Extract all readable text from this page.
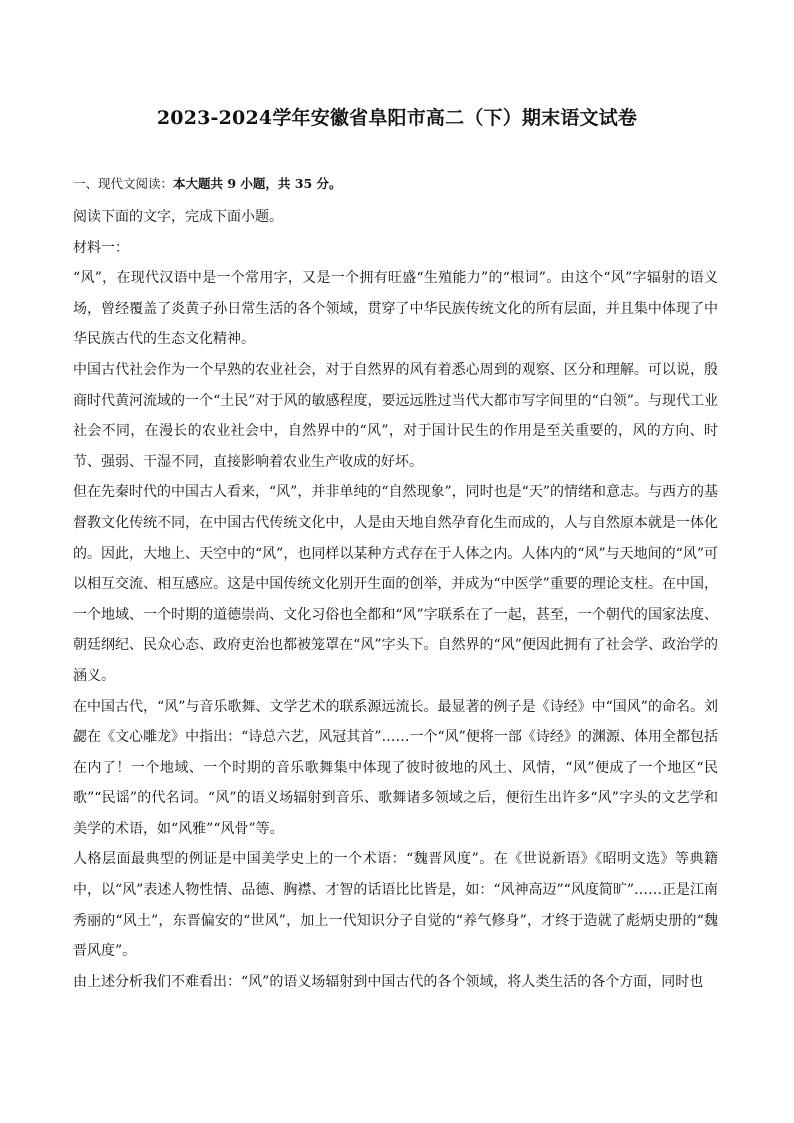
2023-2024学年安徽省阜阳市高二（下）期末语文试卷
一、现代文阅读：本大题共 9 小题，共 35 分。

阅读下面的文字，完成下面小题。

材料一：

“风”，在现代汉语中是一个常用字，又是一个拥有旺盛“生殖能力”的“根词”。由这个“风”字辐射的语义场，曾经覆盖了炎黄子孙日常生活的各个领域，贯穿了中华民族传统文化的所有层面，并且集中体现了中华民族古代的生态文化精神。

中国古代社会作为一个早熟的农业社会，对于自然界的风有着悉心周到的观察、区分和理解。可以说，殷商时代黄河流域的一个“土民”对于风的敏感程度，要远远胜过当代大都市写字间里的“白领”。与现代工业社会不同，在漫长的农业社会中，自然界中的“风”，对于国计民生的作用是至关重要的，风的方向、时节、强弱、干湿不同，直接影响着农业生产收成的好坏。

但在先秦时代的中国古人看来，“风”，并非单纯的“自然现象”，同时也是“天”的情绪和意志。与西方的基督教文化传统不同，在中国古代传统文化中，人是由天地自然孕育化生而成的，人与自然原本就是一体化的。因此，大地上、天空中的“风”，也同样以某种方式存在于人体之内。人体内的“风”与天地间的“风”可以相互交流、相互感应。这是中国传统文化别开生面的创举，并成为“中医学”重要的理论支柱。在中国，一个地域、一个时期的道德崇尚、文化习俗也全都和“风”字联系在了一起，甚至，一个朝代的国家法度、朝廷纲纪、民众心态、政府吏治也都被笼罩在“风”字头下。自然界的“风”便因此拥有了社会学、政治学的涵义。

在中国古代，“风”与音乐歌舞、文学艺术的联系源远流长。最显著的例子是《诗经》中“国风”的命名。刘勰在《文心雕龙》中指出：“诗总六艺，风冠其首”……一个“风”便将一部《诗经》的渊源、体用全都包括在内了！一个地域、一个时期的音乐歌舞集中体现了彼时彼地的风土、风情，“风”便成了一个地区“民歌”“民谣”的代名词。“风”的语义场辐射到音乐、歌舞诸多领域之后，便衍生出许多“风”字头的文艺学和美学的术语，如“风雅”“风骨”等。

人格层面最典型的例证是中国美学史上的一个术语：“魏晋风度”。在《世说新语》《昭明文选》等典籍中，以“风”表述人物性情、品德、胸襟、才智的话语比比皆是，如：“风神高迈”“风度简旷”……正是江南秀丽的“风土”，东晋偏安的“世风”，加上一代知识分子自觉的“养气修身”，才终于造就了彪炳史册的“魏晋风度”。

由上述分析我们不难看出：“风”的语义场辐射到中国古代的各个领域，将人类生活的各个方面，同时也
